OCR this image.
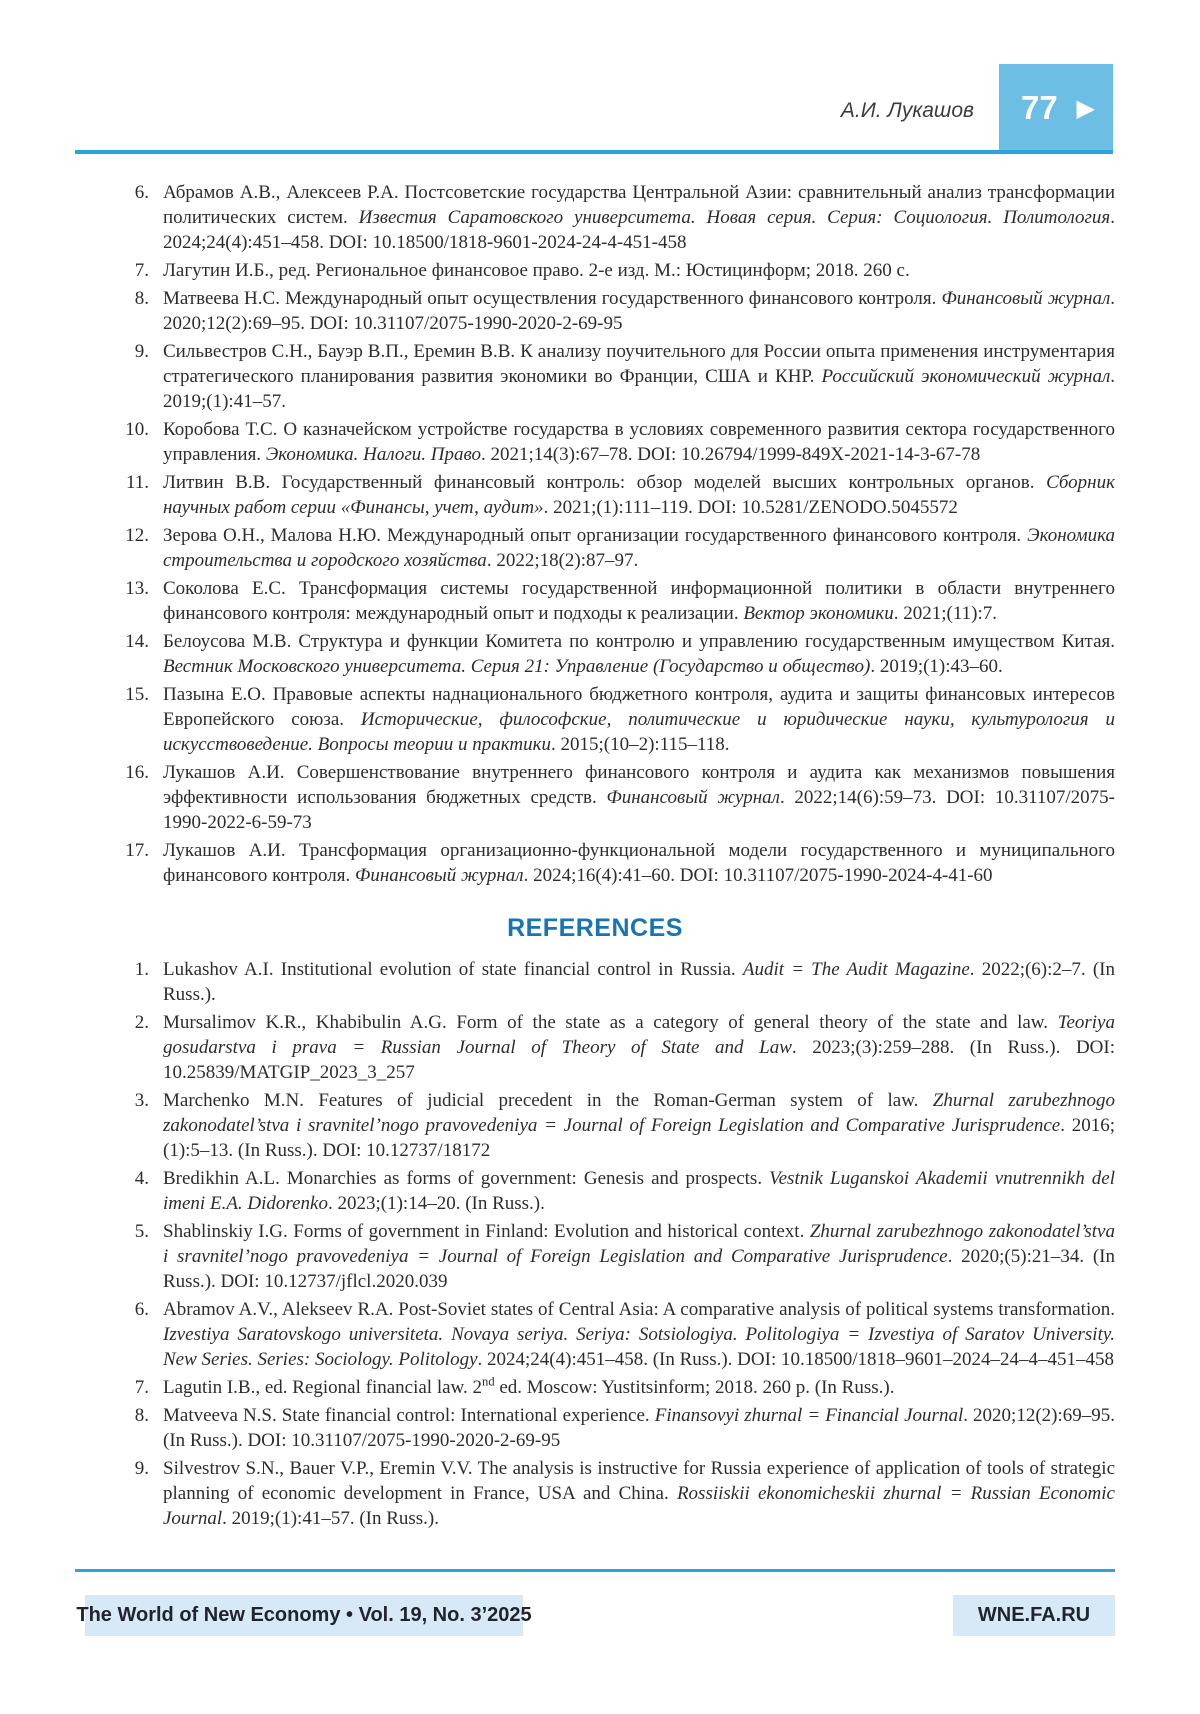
А.И. Лукашов 77 ▶
6. Абрамов А.В., Алексеев Р.А. Постсоветские государства Центральной Азии: сравнительный анализ трансформации политических систем. Известия Саратовского университета. Новая серия. Серия: Социология. Политология. 2024;24(4):451–458. DOI: 10.18500/1818-9601-2024-24-4-451-458
7. Лагутин И.Б., ред. Региональное финансовое право. 2-е изд. М.: Юстицинформ; 2018. 260 с.
8. Матвеева Н.С. Международный опыт осуществления государственного финансового контроля. Финансовый журнал. 2020;12(2):69–95. DOI: 10.31107/2075-1990-2020-2-69-95
9. Сильвестров С.Н., Бауэр В.П., Еремин В.В. К анализу поучительного для России опыта применения инструментария стратегического планирования развития экономики во Франции, США и КНР. Российский экономический журнал. 2019;(1):41–57.
10. Коробова Т.С. О казначейском устройстве государства в условиях современного развития сектора государственного управления. Экономика. Налоги. Право. 2021;14(3):67–78. DOI: 10.26794/1999-849X-2021-14-3-67-78
11. Литвин В.В. Государственный финансовый контроль: обзор моделей высших контрольных органов. Сборник научных работ серии «Финансы, учет, аудит». 2021;(1):111–119. DOI: 10.5281/ZENODO.5045572
12. Зерова О.Н., Малова Н.Ю. Международный опыт организации государственного финансового контроля. Экономика строительства и городского хозяйства. 2022;18(2):87–97.
13. Соколова Е.С. Трансформация системы государственной информационной политики в области внутреннего финансового контроля: международный опыт и подходы к реализации. Вектор экономики. 2021;(11):7.
14. Белоусова М.В. Структура и функции Комитета по контролю и управлению государственным имуществом Китая. Вестник Московского университета. Серия 21: Управление (Государство и общество). 2019;(1):43–60.
15. Пазына Е.О. Правовые аспекты наднационального бюджетного контроля, аудита и защиты финансовых интересов Европейского союза. Исторические, философские, политические и юридические науки, культурология и искусствоведение. Вопросы теории и практики. 2015;(10–2):115–118.
16. Лукашов А.И. Совершенствование внутреннего финансового контроля и аудита как механизмов повышения эффективности использования бюджетных средств. Финансовый журнал. 2022;14(6):59–73. DOI: 10.31107/2075-1990-2022-6-59-73
17. Лукашов А.И. Трансформация организационно-функциональной модели государственного и муниципального финансового контроля. Финансовый журнал. 2024;16(4):41–60. DOI: 10.31107/2075-1990-2024-4-41-60
REFERENCES
1. Lukashov A.I. Institutional evolution of state financial control in Russia. Audit = The Audit Magazine. 2022;(6):2–7. (In Russ.).
2. Mursalimov K.R., Khabibulin A.G. Form of the state as a category of general theory of the state and law. Teoriya gosudarstva i prava = Russian Journal of Theory of State and Law. 2023;(3):259–288. (In Russ.). DOI: 10.25839/MATGIP_2023_3_257
3. Marchenko M.N. Features of judicial precedent in the Roman-German system of law. Zhurnal zarubezhnogo zakonodatel’stva i sravnitel’nogo pravovedeniya = Journal of Foreign Legislation and Comparative Jurisprudence. 2016;(1):5–13. (In Russ.). DOI: 10.12737/18172
4. Bredikhin A.L. Monarchies as forms of government: Genesis and prospects. Vestnik Luganskoi Akademii vnutrennikh del imeni E.A. Didorenko. 2023;(1):14–20. (In Russ.).
5. Shablinskiy I.G. Forms of government in Finland: Evolution and historical context. Zhurnal zarubezhnogo zakonodatel’stva i sravnitel’nogo pravovedeniya = Journal of Foreign Legislation and Comparative Jurisprudence. 2020;(5):21–34. (In Russ.). DOI: 10.12737/jflcl.2020.039
6. Abramov A.V., Alekseev R.A. Post-Soviet states of Central Asia: A comparative analysis of political systems transformation. Izvestiya Saratovskogo universiteta. Novaya seriya. Seriya: Sotsiologiya. Politologiya = Izvestiya of Saratov University. New Series. Series: Sociology. Politology. 2024;24(4):451–458. (In Russ.). DOI: 10.18500/1818–9601–2024–24–4–451–458
7. Lagutin I.B., ed. Regional financial law. 2nd ed. Moscow: Yustitsinform; 2018. 260 p. (In Russ.).
8. Matveeva N.S. State financial control: International experience. Finansovyi zhurnal = Financial Journal. 2020;12(2):69–95. (In Russ.). DOI: 10.31107/2075-1990-2020-2-69-95
9. Silvestrov S.N., Bauer V.P., Eremin V.V. The analysis is instructive for Russia experience of application of tools of strategic planning of economic development in France, USA and China. Rossiiskii ekonomicheskii zhurnal = Russian Economic Journal. 2019;(1):41–57. (In Russ.).
The World of New Economy • Vol. 19, No. 3’2025	WNE.FA.RU
